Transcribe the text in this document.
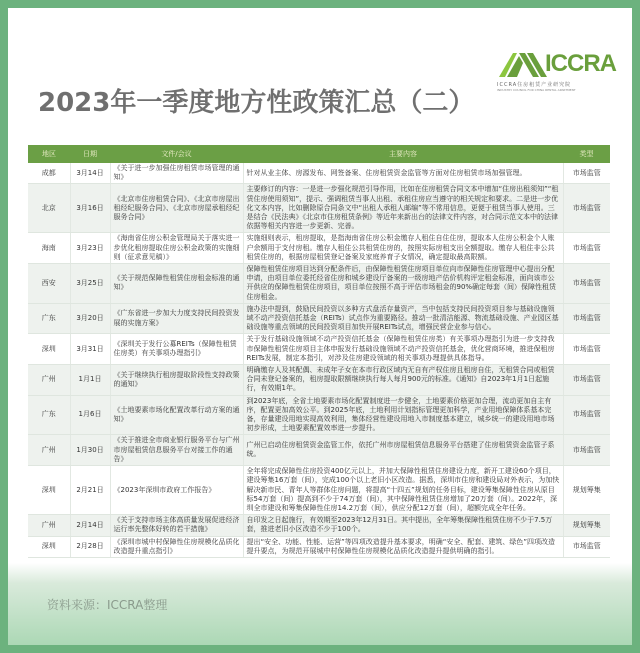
ICCRA
ICCRA住房租赁产业研究院
INDUSTRY COUNCIL FOR CHINA RENTAL APARTMENT
2023年一季度地方性政策汇总（二）
地区	日期	文件/会议	主要内容	类型
成都	3月14日	《关于进一步加强住房租赁市场管理的通知》	针对从业主体、房源发布、网签备案、住房租赁资金监管等方面对住房租赁市场加强管理。	市场监管
北京	3月16日	《北京市住房租赁合同》、《北京市房屋出租经纪服务合同》、《北京市房屋承租经纪服务合同》	主要修订的内容：一是进一步强化规范引导作用，比如在住房租赁合同文本中增加“住房出租须知”“租赁住房使用须知”，提示、强调租赁当事人出租、承租住房应当遵守的相关规定和要求。二是进一步优化文本内容，比如删除原合同条文中“出租人承租人邮编”等不常用信息，更便于租赁当事人使用。三是结合《民法典》《北京市住房租赁条例》等近年来新出台的法律文件内容，对合同示范文本中的法律依据等相关内容进一步更新、完善。	市场监管
海南	3月23日	《海南省住房公积金管理局关于落实进一步优化租房提取住房公积金政策的实施细则（征求意见稿）》	实施细则表示，租房提取，是指海南省住房公积金缴存人租住自住住房，提取本人住房公积金个人账户余额用于支付房租。缴存人租住公共租赁住房的，按照实际房租支出全额提取。缴存人租住非公共租赁住房的，根据房屋租赁登记备案及家庭养育子女情况，确定提取最高限额。	市场监管
西安	3月25日	《关于规范保障性租赁住房租金标准的通知》	保障性租赁住房项目达到分配条件后，由保障性租赁住房项目单位向市保障性住房管理中心提出分配申请，由项目单位委托经省住房和城乡建设厅备案的一级房地产估价机构评定租金标准，面向该市公开供应的保障性租赁住房项目，项目单位按照不高于评估市场租金的90%确定每套（间）保障性租赁住房租金。	市场监管
广东	3月20日	《广东省进一步加大力度支持民间投资发展的实施方案》	施办法中提到，鼓励民间投资以多种方式盘活存量资产，当中包括支持民间投资项目参与基础设施领域不动产投资信托基金（REITs）试点作为重要路径。推动一批清洁能源、物流基础设施、产业园区基础设施等重点领域的民间投资项目加快开展REITs试点，增强民营企业参与信心。	市场监管
深圳	3月31日	《深圳关于发行公募REITs（保障性租赁住房类）有关事项办理指引》	关于发行基础设施领域不动产投资信托基金（保障性租赁住房类）有关事项办理指引为进一步支持我市保障性租赁住房项目主体申报发行基础设施领域不动产投资信托基金，优化营商环境，推进保租房REITs发展，制定本指引，对涉及住房建设领域的相关事项办理提供具体指导。	市场监管
广州	1月1日	《关于继续执行租房提取阶段性支持政策的通知》	明确缴存人及其配偶、未成年子女在本市行政区域内无自有产权住房且租房自住，无租赁合同或租赁合同未登记备案的，租房提取限额继续执行每人每月900元的标准。《通知》自2023年1月1日起施行，有效期1年。	市场监管
广东	1月6日	《土地要素市场化配置改革行动方案的通知》	到2023年底，全省土地要素市场化配置制度进一步健全，土地要素价格更加合理，流动更加自主有序，配置更加高效公平。到2025年底，土地利用计划指标管理更加科学，产业用地保障体系基本完备，存量建设用地实现高效利用，集体经营性建设用地入市制度基本建立，城乡统一的建设用地市场初步形成，土地要素配置效率进一步提升。	市场监管
广州	1月30日	《关于推进全市商业银行服务平台与广州市房屋租赁信息服务平台对接工作的通告》	广州已启动住房租赁资金监管工作，依托广州市房屋租赁信息服务平台搭建了住房租赁资金监管子系统。	市场监管
深圳	2月21日	《2023年深圳市政府工作报告》	全年将完成保障性住房投资400亿元以上，并加大保障性租赁住房建设力度，新开工建设60个项目，建设筹集16万套（间），完成100个以上老旧小区改造。据悉，深圳市住房和建设局对外表示，为加快解决新市民、青年人等群体住房问题，将提高“十四五”规划的任务目标，建设筹集保障性住房从原目标54万套（间）提高到不少于74万套（间），其中保障性租赁住房增加了20万套（间）。2022年，深圳全市建设和筹集保障性住房14.2万套（间），供应分配12万套（间），超额完成全年任务。	规划筹集
广州	2月14日	《关于支持市场主体高质量发展促进经济运行率先整体好转的若干措施》	自印发之日起施行，有效期至2023年12月31日。其中提出，全年筹集保障性租赁住房不少于7.5万套，推进老旧小区改造不少于100个。	规划筹集
深圳	2月28日	《深圳市城中村保障性住房规模化品质化改造提升重点指引》	提出“安全、功能、性能、运营”等四项改造提升基本要求，明确“安全、配套、建筑、绿色”四项改造提升要点，为规范开展城中村保障性住房规模化品质化改造提升提供明确的指引。	市场监管
资料来源：ICCRA整理
